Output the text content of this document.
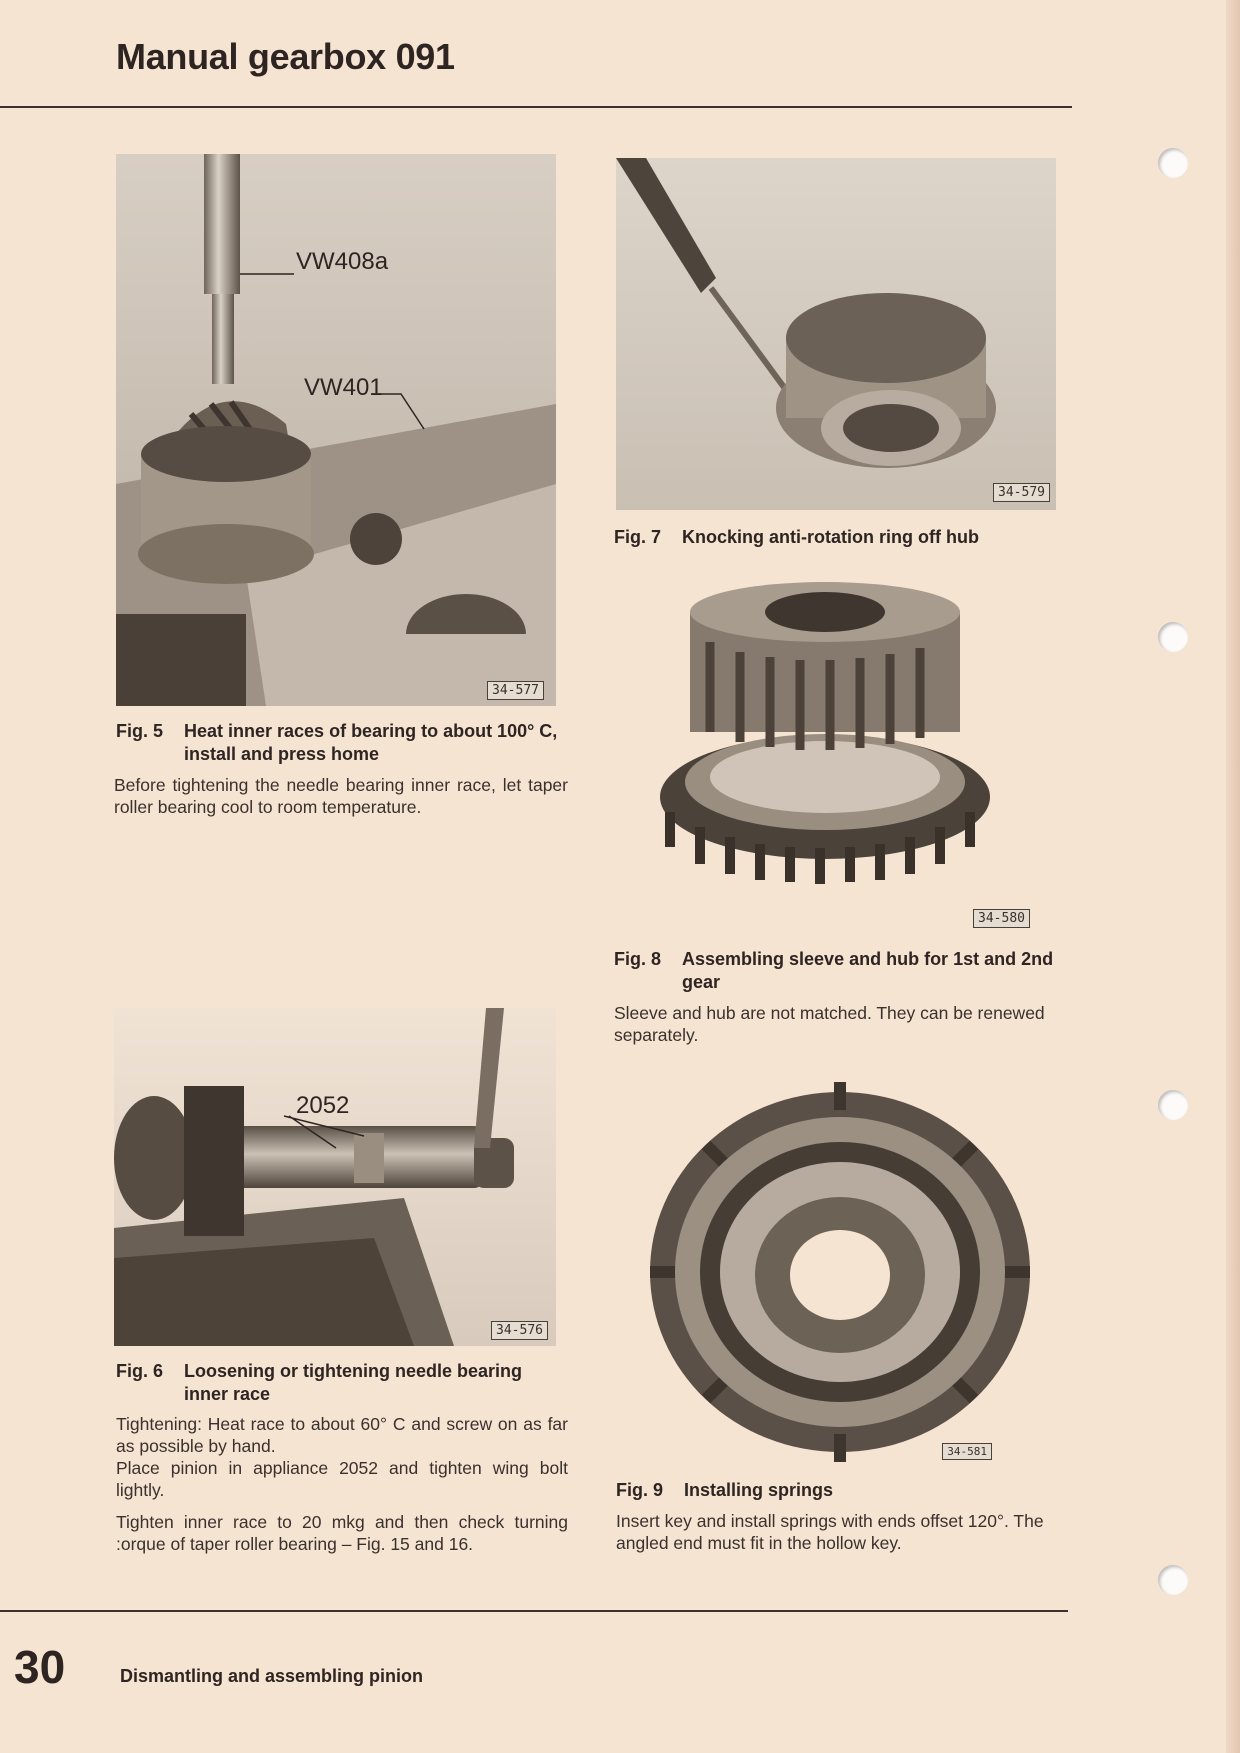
Manual gearbox 091
VW408a
VW401
34-577
Fig. 5	Heat inner races of bearing to about 100° C, install and press home

Before tightening the needle bearing inner race, let taper roller bearing cool to room temperature.

2052
34-576
Fig. 6	Loosening or tightening needle bearing inner race

Tightening: Heat race to about 60° C and screw on as far as possible by hand.

Place pinion in appliance 2052 and tighten wing bolt lightly.

Tighten inner race to 20 mkg and then check turning :orque of taper roller bearing – Fig. 15 and 16.

34-579
Fig. 7	Knocking anti-rotation ring off hub
34-580
Fig. 8	Assembling sleeve and hub for 1st and 2nd gear

Sleeve and hub are not matched. They can be renewed separately.

34-581
Fig. 9	Installing springs

Insert key and install springs with ends offset 120°. The angled end must fit in the hollow key.

30	Dismantling and assembling pinion
